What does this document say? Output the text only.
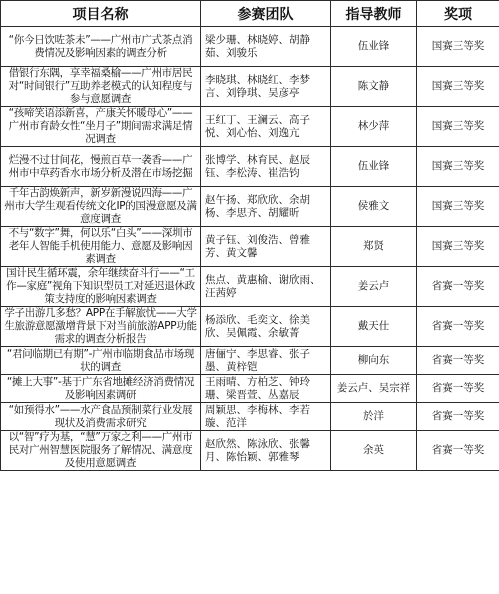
项目名称	参赛团队	指导教师	奖项
“你今日饮咗茶未”——广州市广式茶点消费情况及影响因素的调查分析	梁少珊、林晓婷、胡静茹、刘骏乐	伍业锋	国赛三等奖
借银行东隅，享幸福桑榆——广州市居民对“时间银行”互助养老模式的认知程度与参与意愿调查	李晓琪、林晓红、李梦言、刘铮琪、吴彦亭	陈文静	国赛三等奖
“孩啼笑语添新喜，产康关怀暖母心”——广州市育龄女性“坐月子”期间需求满足情况调查	王红丁、王澜云、高子悦、刘心怡、刘逸亢	林少萍	国赛三等奖
烂漫不过甘间花，慢煎百草一袭香——广州市中草药香水市场分析及潜在市场挖掘	张博学、林育民、赵辰钰、李松涛、崔浩钧	伍业锋	国赛三等奖
千年古韵焕新声，新岁新漫说四海——广州市大学生观看传统文化IP的国漫意愿及满意度调查	赵午扬、郑欣欣、余胡杨、李思齐、胡耀昕	侯雅文	国赛三等奖
不与“数字”舞，何以乐“白头”——深圳市老年人智能手机使用能力、意愿及影响因素调查	黄子钰、刘俊浩、曾雅芳、黄文馨	郑贤	国赛三等奖
国计民生循环震，余年继续奋斗行——“工作—家庭”视角下知识型员工对延迟退休政策支持度的影响因素调查	焦点、黄惠榆、谢欣雨、汪茜婷	姜云卢	省赛一等奖
学子出游几多愁？APP在手解旅忧——大学生旅游意愿激增背景下对当前旅游APP功能需求的调查分析报告	杨添欣、毛奕文、徐美欣、吴佩霞、余敏菁	戴天仕	省赛一等奖
“君问临期已有期”-广州市临期食品市场现状的调查	唐俪宁、李思睿、张子墨、黄梓铠	柳向东	省赛一等奖
“摊上大事”-基于广东省地摊经济消费情况及影响因素调研	王雨晴、方柏芝、钟玲珊、梁晋萱、丛嘉辰	姜云卢、吴宗祥	省赛一等奖
“如预得水”——水产食品预制菜行业发展现状及消费需求研究	周颖思、李梅林、李若璇、范洋	於洋	省赛一等奖
以“智”疗为基，“慧”万家之利——广州市民对广州智慧医院服务了解情况、满意度及使用意愿调查	赵欣然、陈泳欣、张馨月、陈怡颖、郭雅琴	余英	省赛一等奖
